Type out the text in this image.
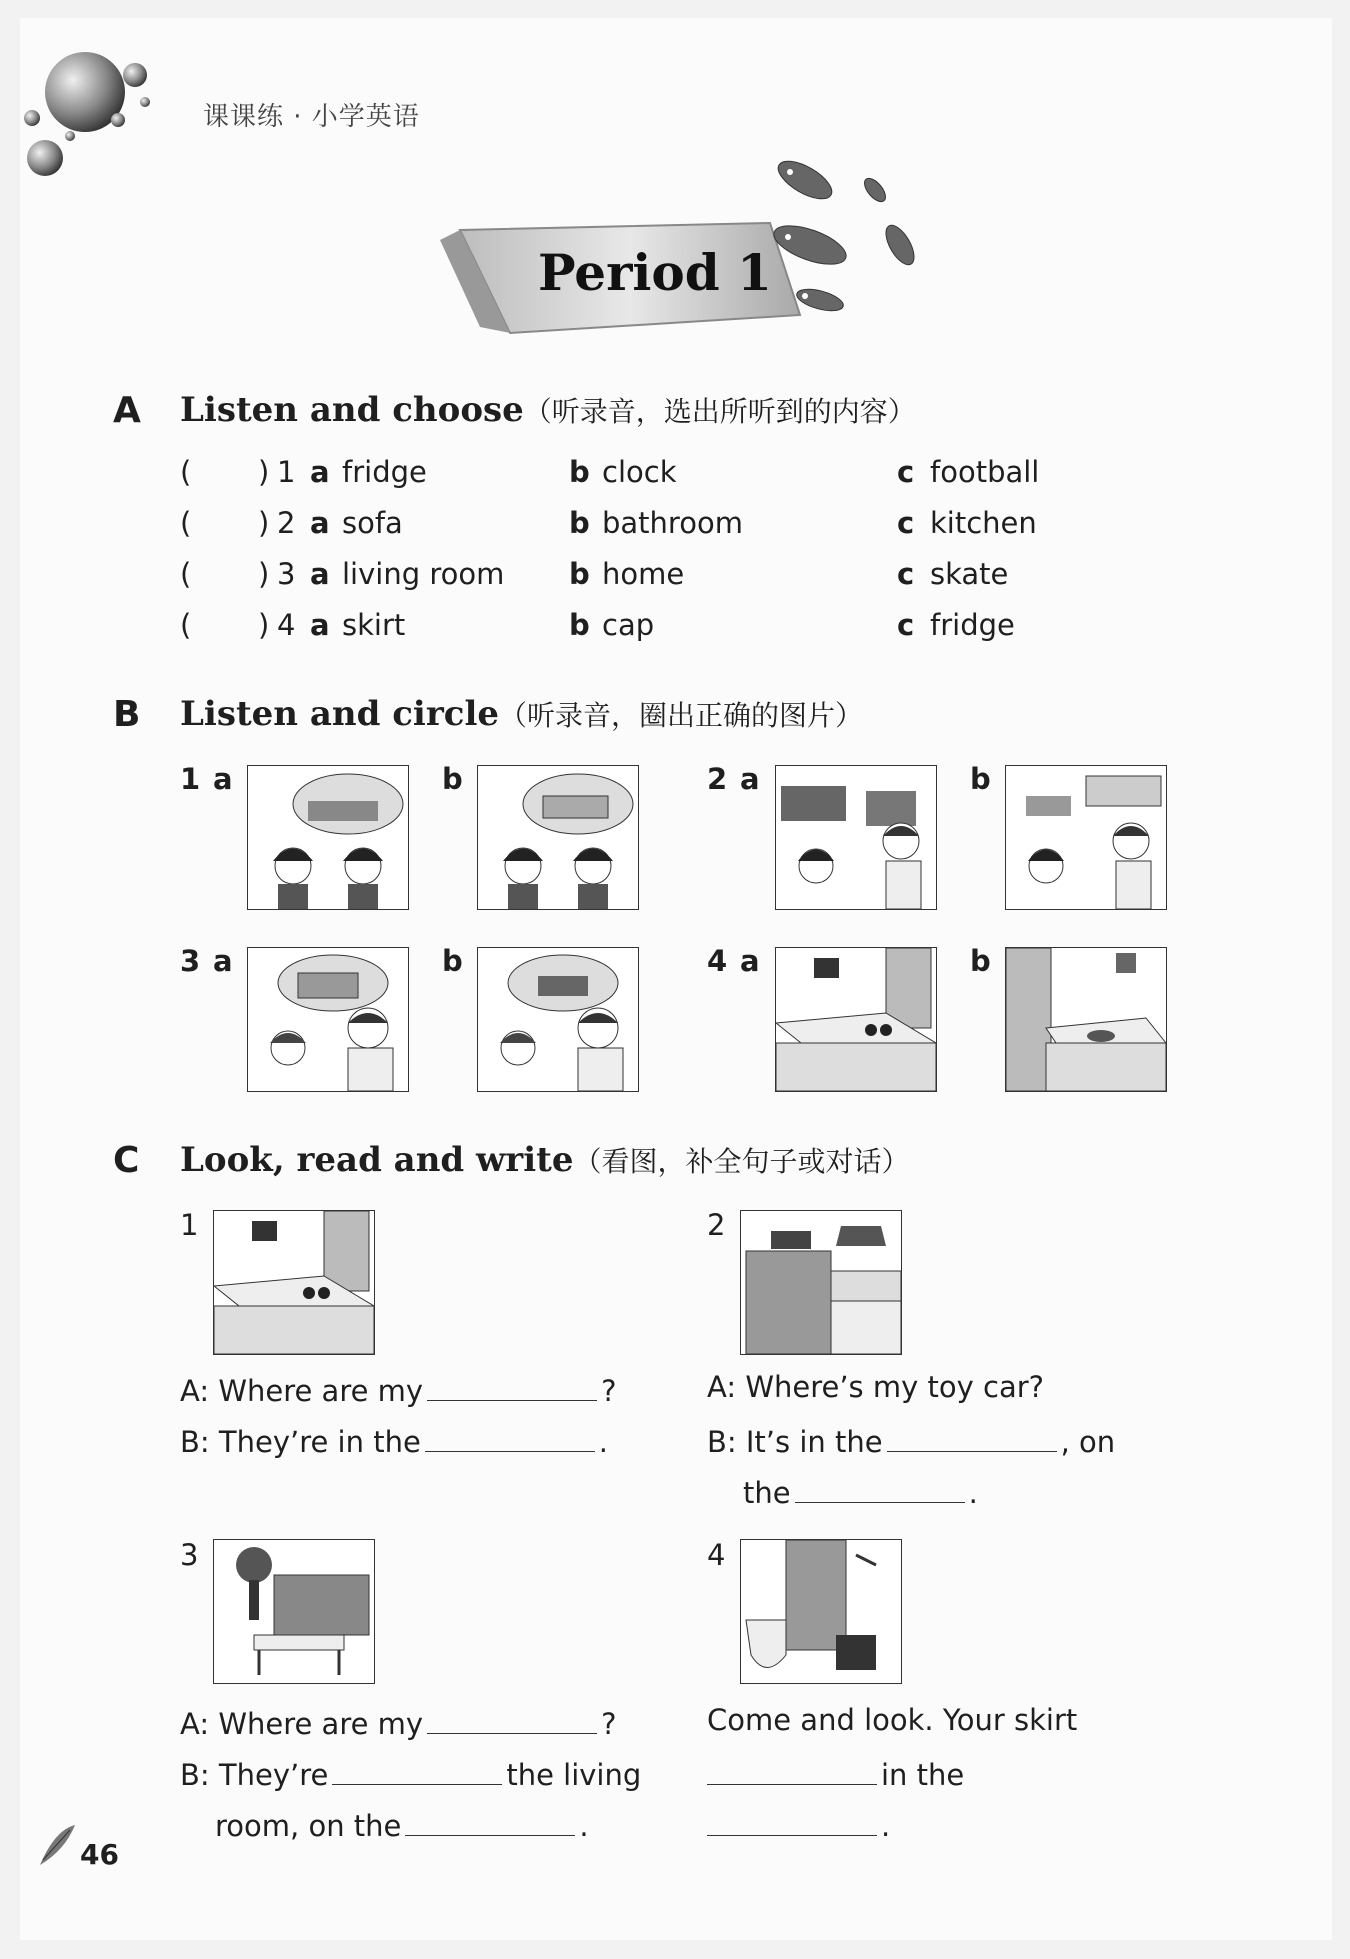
课课练 · 小学英语
Period 1
A Listen and choose（听录音，选出所听到的内容）
( ) 1 a fridge	b clock	c football
( ) 2 a sofa	b bathroom	c kitchen
( ) 3 a living room b home	c skate
( ) 4 a skirt	b cap	c fridge
B Listen and circle（听录音，圈出正确的图片）
1 a	b	2 a	b
3 a	b	4 a	b
C Look, read and write（看图，补全句子或对话）
1
A: Where are my	?
B: They’re in the	.
2
A: Where’s my toy car?
B: It’s in the	, on
the	.
3
A: Where are my	?
B: They’re	the living
room, on the	.
4
Come and look. Your skirt
in the
.
46
